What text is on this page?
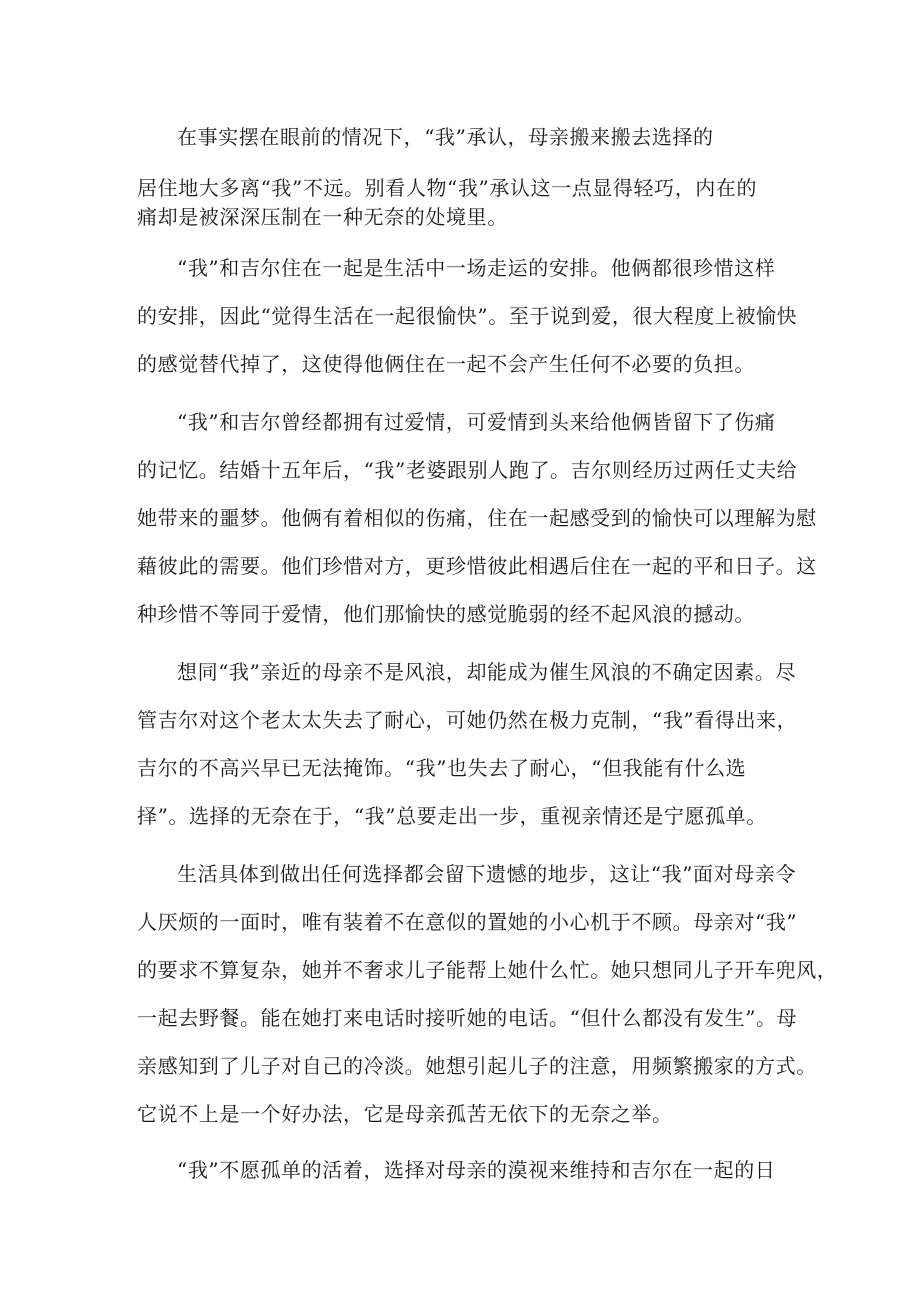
在事实摆在眼前的情况下，“我”承认，母亲搬来搬去选择的
居住地大多离“我”不远。别看人物“我”承认这一点显得轻巧，内在的
痛却是被深深压制在一种无奈的处境里。
“我”和吉尔住在一起是生活中一场走运的安排。他俩都很珍惜这样
的安排，因此“觉得生活在一起很愉快”。至于说到爱，很大程度上被愉快
的感觉替代掉了，这使得他俩住在一起不会产生任何不必要的负担。
“我”和吉尔曾经都拥有过爱情，可爱情到头来给他俩皆留下了伤痛
的记忆。结婚十五年后，“我”老婆跟别人跑了。吉尔则经历过两任丈夫给
她带来的噩梦。他俩有着相似的伤痛，住在一起感受到的愉快可以理解为慰
藉彼此的需要。他们珍惜对方，更珍惜彼此相遇后住在一起的平和日子。这
种珍惜不等同于爱情，他们那愉快的感觉脆弱的经不起风浪的撼动。
想同“我”亲近的母亲不是风浪，却能成为催生风浪的不确定因素。尽
管吉尔对这个老太太失去了耐心，可她仍然在极力克制，“我”看得出来，
吉尔的不高兴早已无法掩饰。“我”也失去了耐心，“但我能有什么选
择”。选择的无奈在于，“我”总要走出一步，重视亲情还是宁愿孤单。
生活具体到做出任何选择都会留下遗憾的地步，这让“我”面对母亲令
人厌烦的一面时，唯有装着不在意似的置她的小心机于不顾。母亲对“我”
的要求不算复杂，她并不奢求儿子能帮上她什么忙。她只想同儿子开车兜风，
一起去野餐。能在她打来电话时接听她的电话。“但什么都没有发生”。母
亲感知到了儿子对自己的冷淡。她想引起儿子的注意，用频繁搬家的方式。
它说不上是一个好办法，它是母亲孤苦无依下的无奈之举。
“我”不愿孤单的活着，选择对母亲的漠视来维持和吉尔在一起的日
